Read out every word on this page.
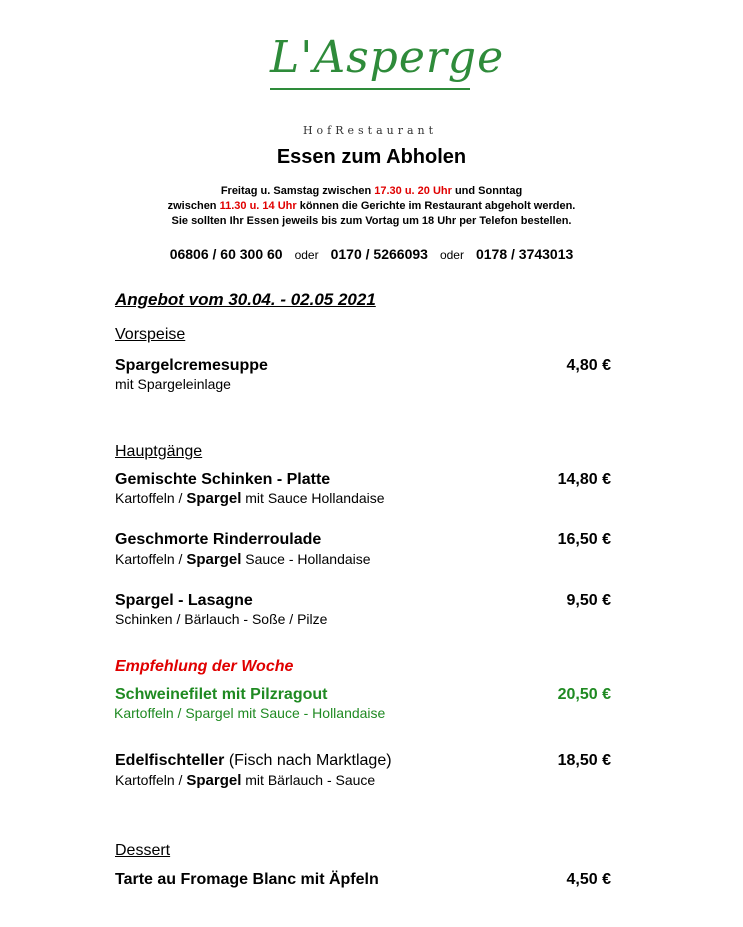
L'Asperge
HofRestaurant
Essen zum Abholen
Freitag u. Samstag zwischen 17.30 u. 20 Uhr und Sonntag
zwischen 11.30 u. 14 Uhr können die Gerichte im Restaurant abgeholt werden.
Sie sollten Ihr Essen jeweils bis zum Vortag um 18 Uhr per Telefon bestellen.
06806 / 60 300 60 oder 0170 / 5266093 oder 0178 / 3743013
Angebot vom 30.04. - 02.05 2021
Vorspeise
Spargelcremesuppe	4,80 €
mit Spargeleinlage
Hauptgänge
Gemischte Schinken - Platte	14,80 €
Kartoffeln / Spargel mit Sauce Hollandaise
Geschmorte Rinderroulade	16,50 €
Kartoffeln / Spargel Sauce - Hollandaise
Spargel - Lasagne	9,50 €
Schinken / Bärlauch - Soße / Pilze
Empfehlung der Woche
Schweinefilet mit Pilzragout	20,50 €
Kartoffeln / Spargel mit Sauce - Hollandaise
Edelfischteller (Fisch nach Marktlage)	18,50 €
Kartoffeln / Spargel mit Bärlauch - Sauce
Dessert
Tarte au Fromage Blanc mit Äpfeln	4,50 €
